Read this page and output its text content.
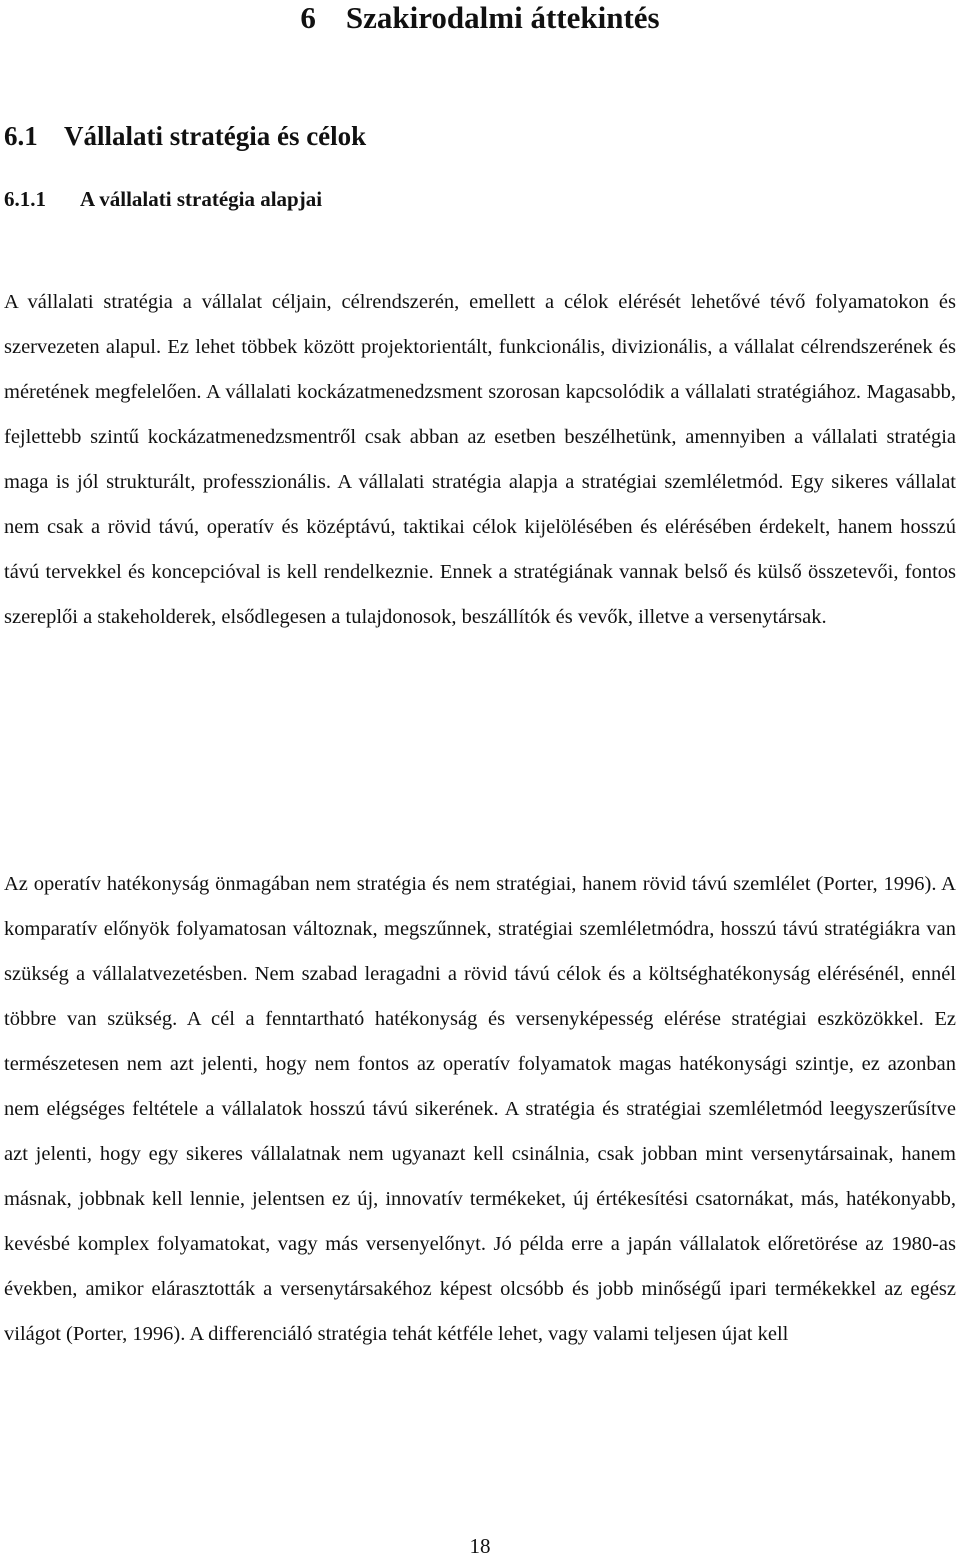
6 Szakirodalmi áttekintés
6.1 Vállalati stratégia és célok
6.1.1 A vállalati stratégia alapjai

A vállalati stratégia a vállalat céljain, célrendszerén, emellett a célok elérését lehetővé tévő folyamatokon és szervezeten alapul. Ez lehet többek között projektorientált, funkcionális, divizionális, a vállalat célrendszerének és méretének megfelelően. A vállalati kockázatmenedzsment szorosan kapcsolódik a vállalati stratégiához. Magasabb, fejlettebb szintű kockázatmenedzsmentről csak abban az esetben beszélhetünk, amennyiben a vállalati stratégia maga is jól strukturált, professzionális. A vállalati stratégia alapja a stratégiai szemléletmód. Egy sikeres vállalat nem csak a rövid távú, operatív és középtávú, taktikai célok kijelölésében és elérésében érdekelt, hanem hosszú távú tervekkel és koncepcióval is kell rendelkeznie. Ennek a stratégiának vannak belső és külső összetevői, fontos szereplői a stakeholderek, elsődlegesen a tulajdonosok, beszállítók és vevők, illetve a versenytársak.

Az operatív hatékonyság önmagában nem stratégia és nem stratégiai, hanem rövid távú szemlélet (Porter, 1996). A komparatív előnyök folyamatosan változnak, megszűnnek, stratégiai szemléletmódra, hosszú távú stratégiákra van szükség a vállalatvezetésben. Nem szabad leragadni a rövid távú célok és a költséghatékonyság elérésénél, ennél többre van szükség. A cél a fenntartható hatékonyság és versenyképesség elérése stratégiai eszközökkel. Ez természetesen nem azt jelenti, hogy nem fontos az operatív folyamatok magas hatékonysági szintje, ez azonban nem elégséges feltétele a vállalatok hosszú távú sikerének. A stratégia és stratégiai szemléletmód leegyszerűsítve azt jelenti, hogy egy sikeres vállalatnak nem ugyanazt kell csinálnia, csak jobban mint versenytársainak, hanem másnak, jobbnak kell lennie, jelentsen ez új, innovatív termékeket, új értékesítési csatornákat, más, hatékonyabb, kevésbé komplex folyamatokat, vagy más versenyelőnyt. Jó példa erre a japán vállalatok előretörése az 1980-as években, amikor elárasztották a versenytársakéhoz képest olcsóbb és jobb minőségű ipari termékekkel az egész világot (Porter, 1996). A differenciáló stratégia tehát kétféle lehet, vagy valami teljesen újat kell

18
